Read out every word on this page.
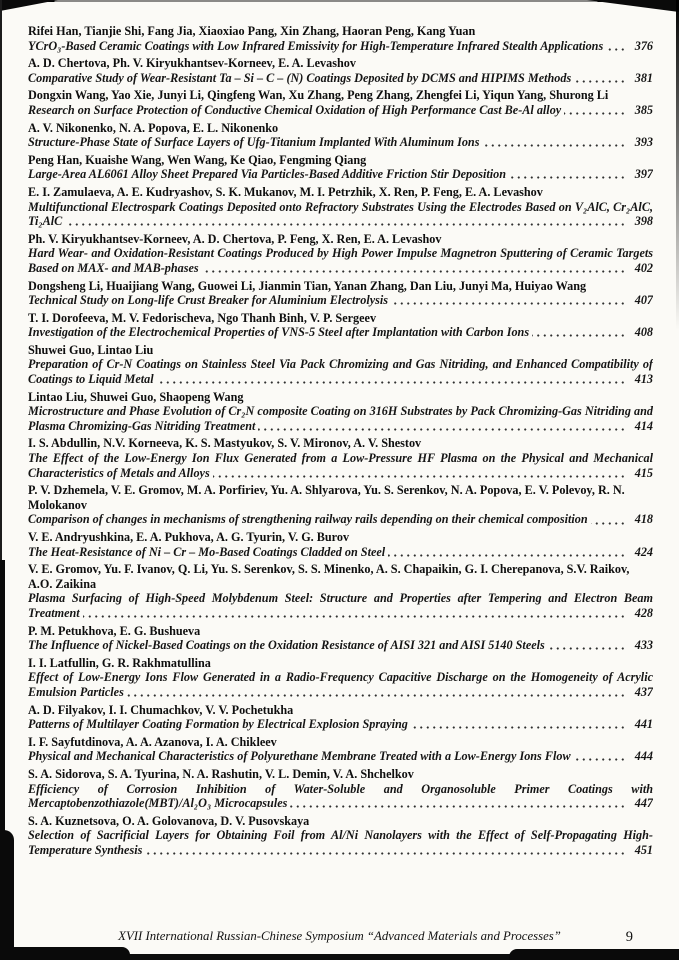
Rifei Han, Tianjie Shi, Fang Jia, Xiaoxiao Pang, Xin Zhang, Haoran Peng, Kang Yuan

YCrO₃-Based Ceramic Coatings with Low Infrared Emissivity for High-Temperature Infrared Stealth Applications	376

A. D. Chertova, Ph. V. Kiryukhantsev-Korneev, E. A. Levashov

Comparative Study of Wear-Resistant Ta – Si – C – (N) Coatings Deposited by DCMS and HIPIMS Methods	381

Dongxin Wang, Yao Xie, Junyi Li, Qingfeng Wan, Xu Zhang, Peng Zhang, Zhengfei Li, Yiqun Yang, Shurong Li

Research on Surface Protection of Conductive Chemical Oxidation of High Performance Cast Be-Al alloy	385

A. V. Nikonenko, N. A. Popova, E. L. Nikonenko

Structure-Phase State of Surface Layers of Ufg-Titanium Implanted With Aluminum Ions	393

Peng Han, Kuaishe Wang, Wen Wang, Ke Qiao, Fengming Qiang

Large-Area AL6061 Alloy Sheet Prepared Via Particles-Based Additive Friction Stir Deposition	397

E. I. Zamulaeva, A. E. Kudryashov, S. K. Mukanov, M. I. Petrzhik, X. Ren, P. Feng, E. A. Levashov

Multifunctional Electrospark Coatings Deposited onto Refractory Substrates Using the Electrodes Based on V₂AlC, Cr₂AlC, Ti₂AlC	398

Ph. V. Kiryukhantsev-Korneev, A. D. Chertova, P. Feng, X. Ren, E. A. Levashov

Hard Wear- and Oxidation-Resistant Coatings Produced by High Power Impulse Magnetron Sputtering of Ceramic Targets Based on MAX- and MAB-phases	402

Dongsheng Li, Huaijiang Wang, Guowei Li, Jianmin Tian, Yanan Zhang, Dan Liu, Junyi Ma, Huiyao Wang

Technical Study on Long-life Crust Breaker for Aluminium Electrolysis	407

T. I. Dorofeeva, M. V. Fedorischeva, Ngo Thanh Binh, V. P. Sergeev

Investigation of the Electrochemical Properties of VNS-5 Steel after Implantation with Carbon Ions	408

Shuwei Guo, Lintao Liu

Preparation of Cr-N Coatings on Stainless Steel Via Pack Chromizing and Gas Nitriding, and Enhanced Compatibility of Coatings to Liquid Metal	413

Lintao Liu, Shuwei Guo, Shaopeng Wang

Microstructure and Phase Evolution of Cr₂N composite Coating on 316H Substrates by Pack Chromizing-Gas Nitriding and Plasma Chromizing-Gas Nitriding Treatment	414

I. S. Abdullin, N.V. Korneeva, K. S. Mastyukov, S. V. Mironov, A. V. Shestov

The Effect of the Low-Energy Ion Flux Generated from a Low-Pressure HF Plasma on the Physical and Mechanical Characteristics of Metals and Alloys	415

P. V. Dzhemela, V. E. Gromov, M. A. Porfiriev, Yu. A. Shlyarova, Yu. S. Serenkov, N. A. Popova, E. V. Polevoy, R. N. Molokanov

Comparison of changes in mechanisms of strengthening railway rails depending on their chemical composition	418

V. E. Andryushkina, E. A. Pukhova, A. G. Tyurin, V. G. Burov

The Heat-Resistance of Ni – Cr – Mo-Based Coatings Cladded on Steel	424

V. E. Gromov, Yu. F. Ivanov, Q. Li, Yu. S. Serenkov, S. S. Minenko, A. S. Chapaikin, G. I. Cherepanova, S.V. Raikov, A.O. Zaikina

Plasma Surfacing of High-Speed Molybdenum Steel: Structure and Properties after Tempering and Electron Beam Treatment	428

P. M. Petukhova, E. G. Bushueva

The Influence of Nickel-Based Coatings on the Oxidation Resistance of AISI 321 and AISI 5140 Steels	433

I. I. Latfullin, G. R. Rakhmatullina

Effect of Low-Energy Ions Flow Generated in a Radio-Frequency Capacitive Discharge on the Homogeneity of Acrylic Emulsion Particles	437

A. D. Filyakov, I. I. Chumachkov, V. V. Pochetukha

Patterns of Multilayer Coating Formation by Electrical Explosion Spraying	441

I. F. Sayfutdinova, A. A. Azanova, I. A. Chikleev

Physical and Mechanical Characteristics of Polyurethane Membrane Treated with a Low-Energy Ions Flow	444

S. A. Sidorova, S. A. Tyurina, N. A. Rashutin, V. L. Demin, V. A. Shchelkov

Efficiency of Corrosion Inhibition of Water-Soluble and Organosoluble Primer Coatings with Mercaptobenzothiazole(MBT)/Al₂O₃ Microcapsules	447

S. A. Kuznetsova, O. A. Golovanova, D. V. Pusovskaya

Selection of Sacrificial Layers for Obtaining Foil from Al/Ni Nanolayers with the Effect of Self-Propagating High-Temperature Synthesis	451

XVII International Russian-Chinese Symposium “Advanced Materials and Processes”	9
